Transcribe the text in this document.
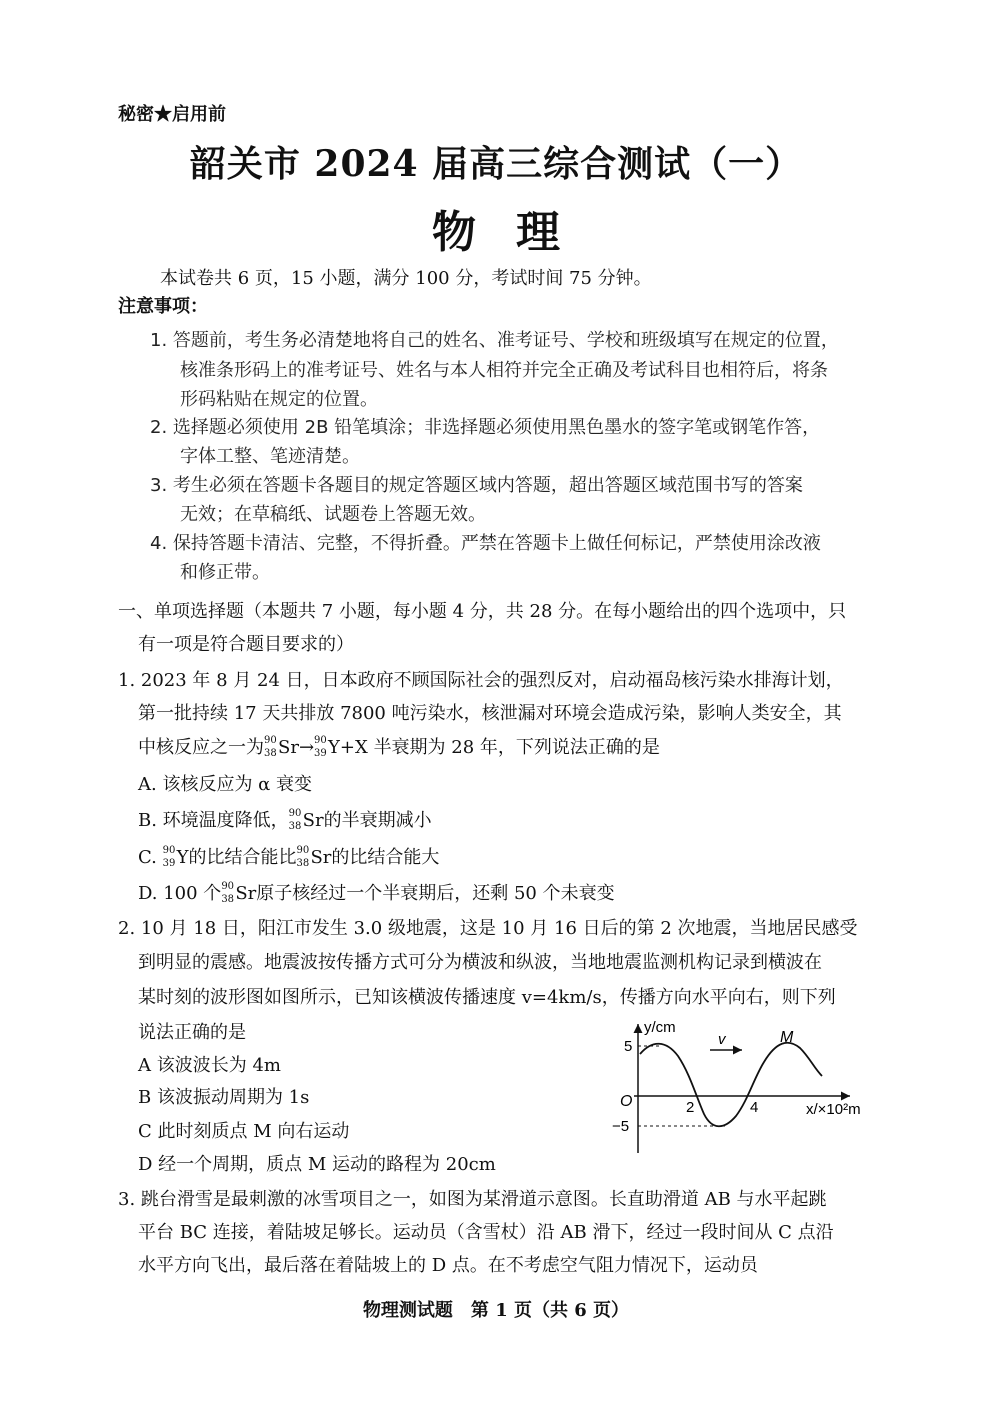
秘密★启用前
韶关市 2024 届高三综合测试（一）
物理
本试卷共 6 页，15 小题，满分 100 分，考试时间 75 分钟。
注意事项：
1. 答题前，考生务必清楚地将自己的姓名、准考证号、学校和班级填写在规定的位置，
核准条形码上的准考证号、姓名与本人相符并完全正确及考试科目也相符后，将条
形码粘贴在规定的位置。
2. 选择题必须使用 2B 铅笔填涂；非选择题必须使用黑色墨水的签字笔或钢笔作答，
字体工整、笔迹清楚。
3. 考生必须在答题卡各题目的规定答题区域内答题，超出答题区域范围书写的答案
无效；在草稿纸、试题卷上答题无效。
4. 保持答题卡清洁、完整，不得折叠。严禁在答题卡上做任何标记，严禁使用涂改液
和修正带。
一、单项选择题（本题共 7 小题，每小题 4 分，共 28 分。在每小题给出的四个选项中，只
有一项是符合题目要求的）
1. 2023 年 8 月 24 日，日本政府不顾国际社会的强烈反对，启动福岛核污染水排海计划，
第一批持续 17 天共排放 7800 吨污染水，核泄漏对环境会造成污染，影响人类安全，其
中核反应之一为 90
38 Sr→ 90
39 Y+X 半衰期为 28 年，下列说法正确的是
A. 该核反应为 α 衰变
B. 环境温度降低， 90
38 Sr的半衰期减小
C. 90
39 Y的比结合能比 90
38 Sr的比结合能大
D. 100 个 90
38 Sr原子核经过一个半衰期后，还剩 50 个未衰变
2. 10 月 18 日，阳江市发生 3.0 级地震，这是 10 月 16 日后的第 2 次地震，当地居民感受
到明显的震感。地震波按传播方式可分为横波和纵波，当地地震监测机构记录到横波在
某时刻的波形图如图所示，已知该横波传播速度 v=4km/s，传播方向水平向右，则下列
说法正确的是
A 该波波长为 4m
B 该波振动周期为 1s
C 此时刻质点 M 向右运动
D 经一个周期，质点 M 运动的路程为 20cm
v	M
y/cm
O
5
−5
2	4	x/×10²m
3. 跳台滑雪是最刺激的冰雪项目之一，如图为某滑道示意图。长直助滑道 AB 与水平起跳
平台 BC 连接，着陆坡足够长。运动员（含雪杖）沿 AB 滑下，经过一段时间从 C 点沿
水平方向飞出，最后落在着陆坡上的 D 点。在不考虑空气阻力情况下，运动员
物理测试题　第 1 页（共 6 页）
